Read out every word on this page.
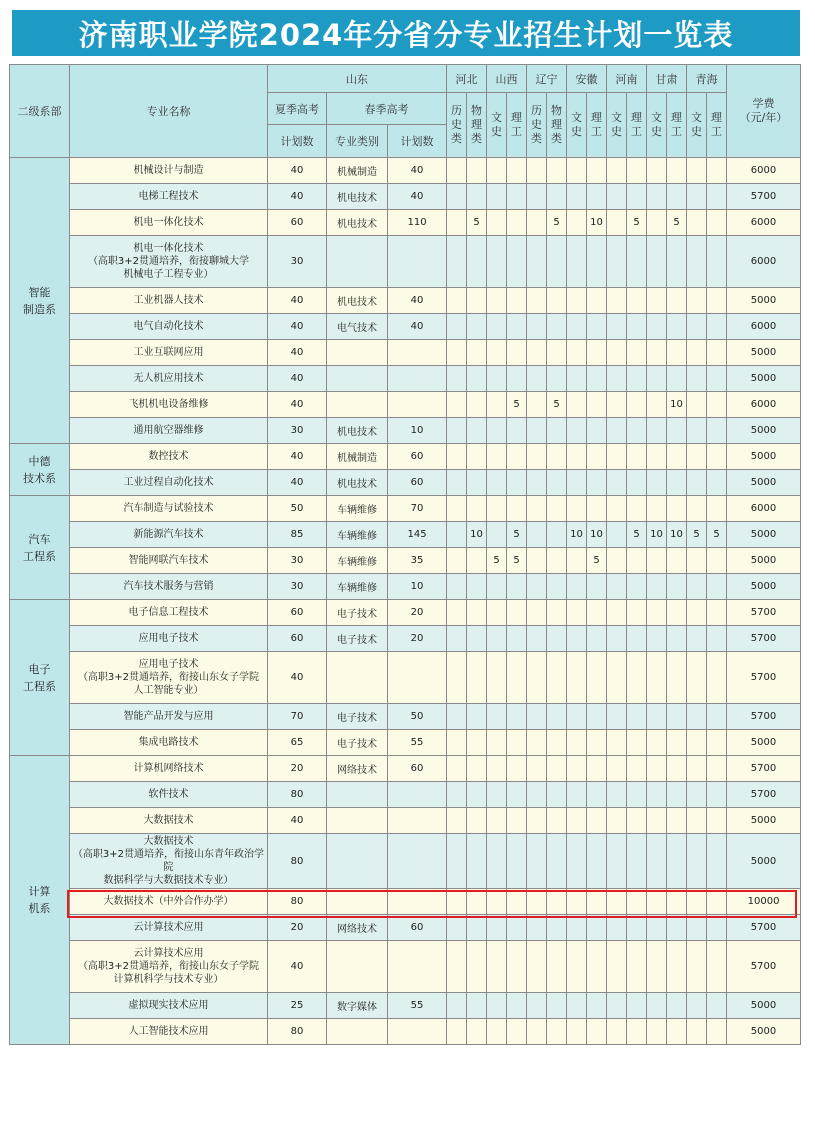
济南职业学院2024年分省分专业招生计划一览表
二级系部	专业名称	山东			河北		山西		辽宁		安徽		河南		甘肃		青海		学费
（元/年）
		夏季高考	春季高考		历史类	物理类	文史	理工	历史类	物理类	文史	理工	文史	理工	文史	理工	文史	理工	
		计划数	专业类别	计划数															
智能
制造系	机械设计与制造	40	机械制造	40															6000
	电梯工程技术	40	机电技术	40															5700
	机电一体化技术	60	机电技术	110		5				5		10		5		5			6000
	机电一体化技术
（高职3+2贯通培养，衔接聊城大学
机械电子工程专业）	30																	6000
	工业机器人技术	40	机电技术	40															5000
	电气自动化技术	40	电气技术	40															6000
	工业互联网应用	40																	5000
	无人机应用技术	40																	5000
	飞机机电设备维修	40						5		5						10			6000
	通用航空器维修	30	机电技术	10															5000
中德
技术系	数控技术	40	机械制造	60															5000
	工业过程自动化技术	40	机电技术	60															5000
汽车
工程系	汽车制造与试验技术	50	车辆维修	70															6000
	新能源汽车技术	85	车辆维修	145		10		5			10	10		5	10	10	5	5	5000
	智能网联汽车技术	30	车辆维修	35			5	5				5							5000
	汽车技术服务与营销	30	车辆维修	10															5000
电子
工程系	电子信息工程技术	60	电子技术	20															5700
	应用电子技术	60	电子技术	20															5700
	应用电子技术
（高职3+2贯通培养，衔接山东女子学院
人工智能专业）	40																	5700
	智能产品开发与应用	70	电子技术	50															5700
	集成电路技术	65	电子技术	55															5000
计算
机系	计算机网络技术	20	网络技术	60															5700
	软件技术	80																	5700
	大数据技术	40																	5000
	大数据技术
（高职3+2贯通培养，衔接山东青年政治学院
数据科学与大数据技术专业）	80																	5000
	大数据技术（中外合作办学）	80																	10000
	云计算技术应用	20	网络技术	60															5700
	云计算技术应用
（高职3+2贯通培养，衔接山东女子学院
计算机科学与技术专业）	40																	5700
	虚拟现实技术应用	25	数字媒体	55															5000
	人工智能技术应用	80																	5000
